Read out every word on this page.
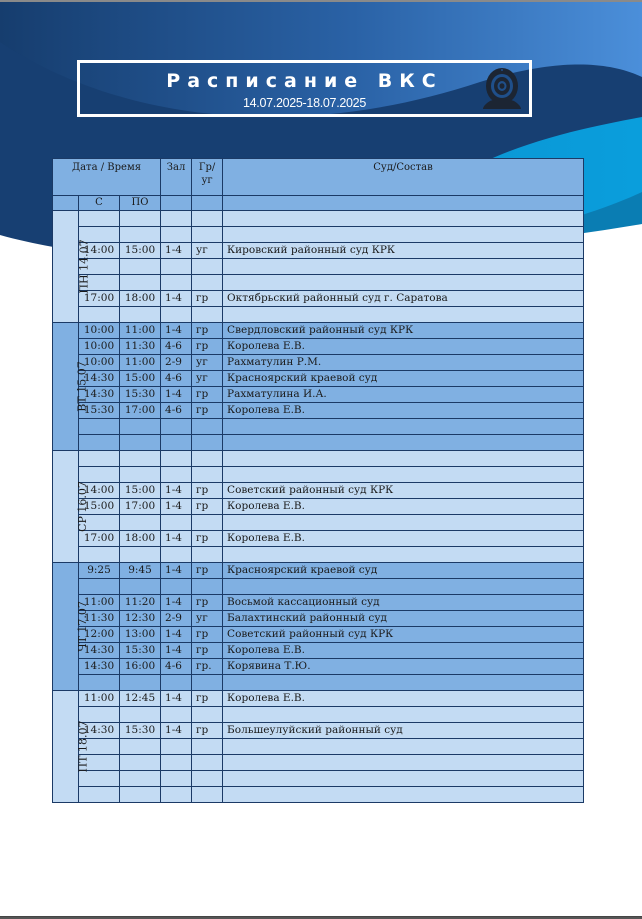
Расписание ВКС
14.07.2025-18.07.2025
Дата / Время			Зал	Гр/ уг	Суд/Состав
	С	ПО			
ПН 14.07					

	14:00	15:00	1-4	уг	Кировский районный суд КРК

	17:00	18:00	1-4	гр	Октябрьский районный суд г. Саратова

ВТ 15.07	10:00	11:00	1-4	гр	Свердловский районный суд КРК
	10:00	11:30	4-6	гр	Королева Е.В.
	10:00	11:00	2-9	уг	Рахматулин Р.М.
	14:30	15:00	4-6	уг	Красноярский краевой суд
	14:30	15:30	1-4	гр	Рахматулина И.А.
	15:30	17:00	4-6	гр	Королева Е.В.

СР 16.07					

	14:00	15:00	1-4	гр	Советский районный суд КРК
	15:00	17:00	1-4	гр	Королева Е.В.

	17:00	18:00	1-4	гр	Королева Е.В.

ЧТ 17.07	9:25	9:45	1-4	гр	Красноярский краевой суд

	11:00	11:20	1-4	гр	Восьмой кассационный суд
	11:30	12:30	2-9	уг	Балахтинский районный суд
	12:00	13:00	1-4	гр	Советский районный суд КРК
	14:30	15:30	1-4	гр	Королева Е.В.
	14:30	16:00	4-6	гр.	Корявина Т.Ю.

ПТ 18.07	11:00	12:45	1-4	гр	Королева Е.В.

	14:30	15:30	1-4	гр	Большеулуйский районный суд
